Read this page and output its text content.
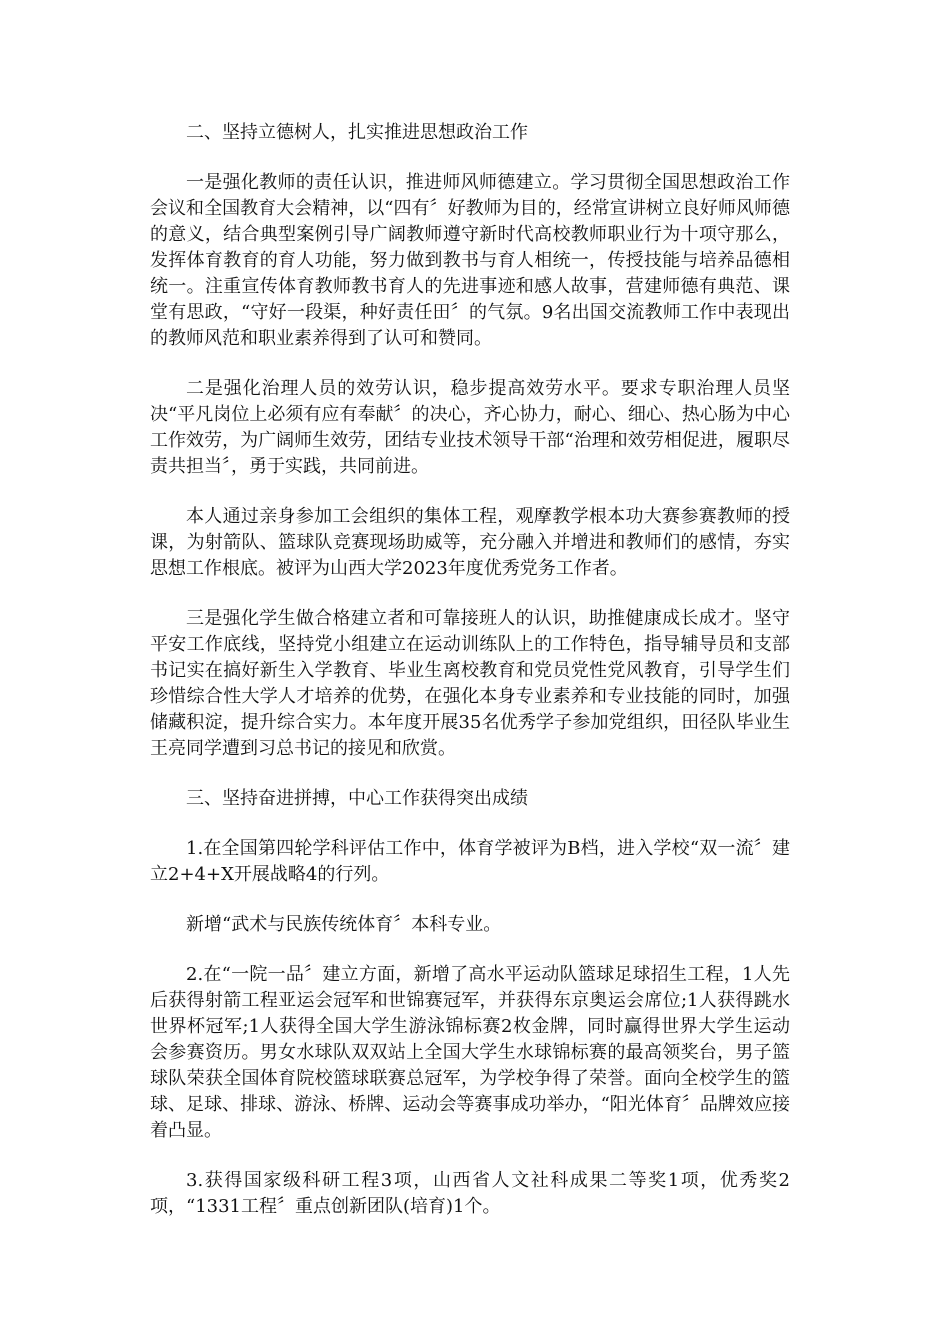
二、坚持立德树人，扎实推进思想政治工作

一是强化教师的责任认识，推进师风师德建立。学习贯彻全国思想政治工作会议和全国教育大会精神，以“四有〞好教师为目的，经常宣讲树立良好师风师德的意义，结合典型案例引导广阔教师遵守新时代高校教师职业行为十项守那么，发挥体育教育的育人功能，努力做到教书与育人相统一，传授技能与培养品德相统一。注重宣传体育教师教书育人的先进事迹和感人故事，营建师德有典范、课堂有思政，“守好一段渠，种好责任田〞的气氛。9名出国交流教师工作中表现出的教师风范和职业素养得到了认可和赞同。

二是强化治理人员的效劳认识，稳步提高效劳水平。要求专职治理人员坚决“平凡岗位上必须有应有奉献〞的决心，齐心协力，耐心、细心、热心肠为中心工作效劳，为广阔师生效劳，团结专业技术领导干部“治理和效劳相促进，履职尽责共担当〞，勇于实践，共同前进。

本人通过亲身参加工会组织的集体工程，观摩教学根本功大赛参赛教师的授课，为射箭队、篮球队竞赛现场助威等，充分融入并增进和教师们的感情，夯实思想工作根底。被评为山西大学2023年度优秀党务工作者。

三是强化学生做合格建立者和可靠接班人的认识，助推健康成长成才。坚守平安工作底线，坚持党小组建立在运动训练队上的工作特色，指导辅导员和支部书记实在搞好新生入学教育、毕业生离校教育和党员党性党风教育，引导学生们珍惜综合性大学人才培养的优势，在强化本身专业素养和专业技能的同时，加强储藏积淀，提升综合实力。本年度开展35名优秀学子参加党组织，田径队毕业生王亮同学遭到习总书记的接见和欣赏。

三、坚持奋进拼搏，中心工作获得突出成绩

1.在全国第四轮学科评估工作中，体育学被评为B档，进入学校“双一流〞建立2+4+X开展战略4的行列。

新增“武术与民族传统体育〞本科专业。

2.在“一院一品〞建立方面，新增了高水平运动队篮球足球招生工程，1人先后获得射箭工程亚运会冠军和世锦赛冠军，并获得东京奥运会席位;1人获得跳水世界杯冠军;1人获得全国大学生游泳锦标赛2枚金牌，同时赢得世界大学生运动会参赛资历。男女水球队双双站上全国大学生水球锦标赛的最高领奖台，男子篮球队荣获全国体育院校篮球联赛总冠军，为学校争得了荣誉。面向全校学生的篮球、足球、排球、游泳、桥牌、运动会等赛事成功举办，“阳光体育〞品牌效应接着凸显。

3.获得国家级科研工程3项，山西省人文社科成果二等奖1项，优秀奖2项，“1331工程〞重点创新团队(培育)1个。
